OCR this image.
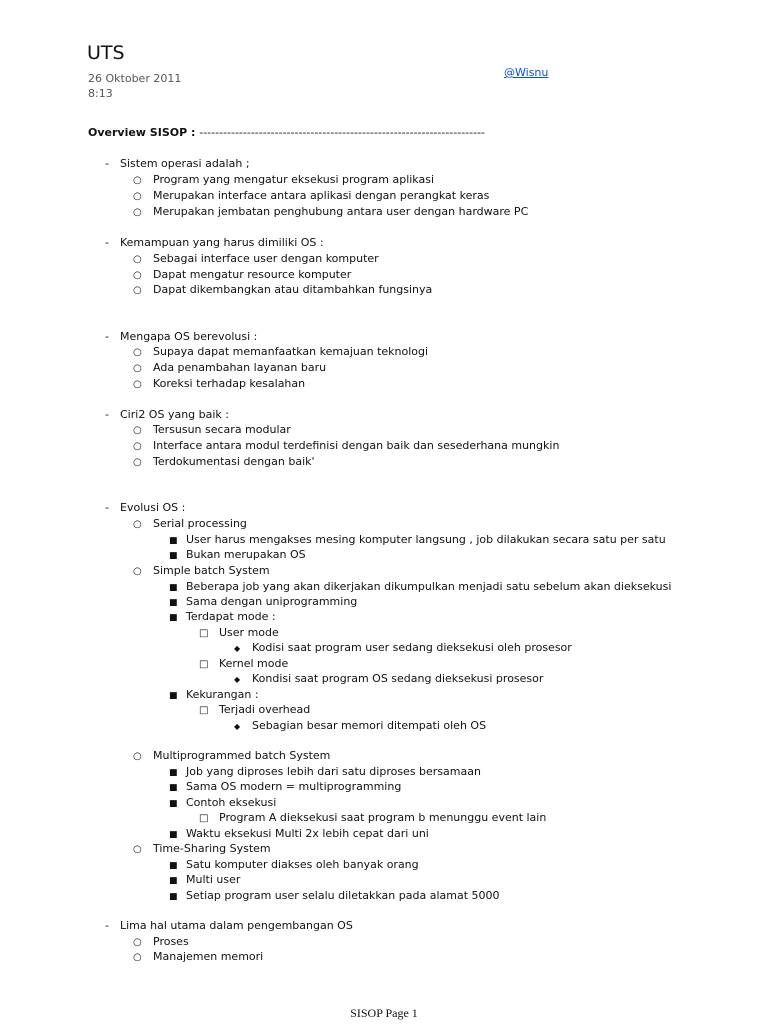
UTS
26 Oktober 2011
8:13
@Wisnu
Overview SISOP : ------------------------------------------------------------------------
- Sistem operasi adalah ;
○ Program yang mengatur eksekusi program aplikasi
○ Merupakan interface antara aplikasi dengan perangkat keras
○ Merupakan jembatan penghubung antara user dengan hardware PC
- Kemampuan yang harus dimiliki OS :
○ Sebagai interface user dengan komputer
○ Dapat mengatur resource komputer
○ Dapat dikembangkan atau ditambahkan fungsinya
- Mengapa OS berevolusi :
○ Supaya dapat memanfaatkan kemajuan teknologi
○ Ada penambahan layanan baru
○ Koreksi terhadap kesalahan
- Ciri2 OS yang baik :
○ Tersusun secara modular
○ Interface antara modul terdefinisi dengan baik dan sesederhana mungkin
○ Terdokumentasi dengan baik'
- Evolusi OS :
○ Serial processing
■ User harus mengakses mesing komputer langsung , job dilakukan secara satu per satu
■ Bukan merupakan OS
○ Simple batch System
■ Beberapa job yang akan dikerjakan dikumpulkan menjadi satu sebelum akan dieksekusi
■ Sama dengan uniprogramming
■ Terdapat mode :
□ User mode
◆ Kodisi saat program user sedang dieksekusi oleh prosesor
□ Kernel mode
◆ Kondisi saat program OS sedang dieksekusi prosesor
■ Kekurangan :
□ Terjadi overhead
◆ Sebagian besar memori ditempati oleh OS
○ Multiprogrammed batch System
■ Job yang diproses lebih dari satu diproses bersamaan
■ Sama OS modern = multiprogramming
■ Contoh eksekusi
□ Program A dieksekusi saat program b menunggu event lain
■ Waktu eksekusi Multi 2x lebih cepat dari uni
○ Time-Sharing System
■ Satu komputer diakses oleh banyak orang
■ Multi user
■ Setiap program user selalu diletakkan pada alamat 5000
- Lima hal utama dalam pengembangan OS
○ Proses
○ Manajemen memori
SISOP Page 1
